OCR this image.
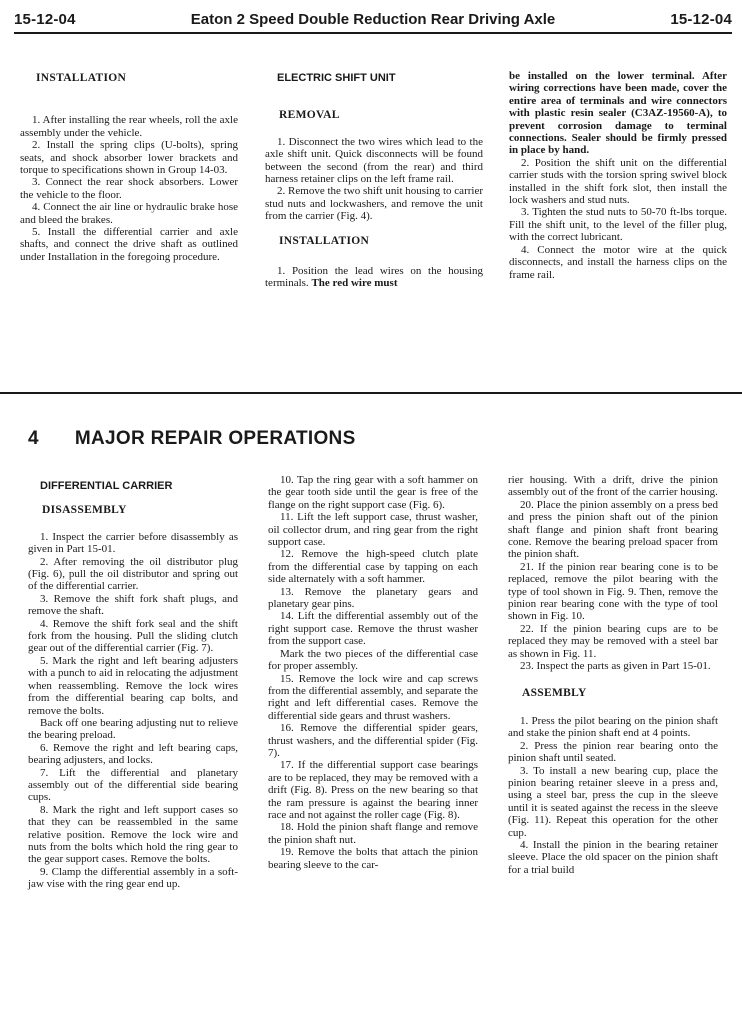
15-12-04	Eaton 2 Speed Double Reduction Rear Driving Axle	15-12-04

INSTALLATION

1. After installing the rear wheels, roll the axle assembly under the vehicle.

2. Install the spring clips (U-bolts), spring seats, and shock absorber lower brackets and torque to specifications shown in Group 14-03.

3. Connect the rear shock absorbers. Lower the vehicle to the floor.

4. Connect the air line or hydraulic brake hose and bleed the brakes.

5. Install the differential carrier and axle shafts, and connect the drive shaft as outlined under Installation in the foregoing procedure.

ELECTRIC SHIFT UNIT

REMOVAL

1. Disconnect the two wires which lead to the axle shift unit. Quick disconnects will be found between the second (from the rear) and third harness retainer clips on the left frame rail.

2. Remove the two shift unit housing to carrier stud nuts and lockwashers, and remove the unit from the carrier (Fig. 4).

INSTALLATION

1. Position the lead wires on the housing terminals. The red wire must

be installed on the lower terminal. After wiring corrections have been made, cover the entire area of terminals and wire connectors with plastic resin sealer (C3AZ-19560-A), to prevent corrosion damage to terminal connections. Sealer should be firmly pressed in place by hand.

2. Position the shift unit on the differential carrier studs with the torsion spring swivel block installed in the shift fork slot, then install the lock washers and stud nuts.

3. Tighten the stud nuts to 50-70 ft-lbs torque. Fill the shift unit, to the level of the filler plug, with the correct lubricant.

4. Connect the motor wire at the quick disconnects, and install the harness clips on the frame rail.

4 MAJOR REPAIR OPERATIONS

DIFFERENTIAL CARRIER

DISASSEMBLY

1. Inspect the carrier before disassembly as given in Part 15-01.

2. After removing the oil distributor plug (Fig. 6), pull the oil distributor and spring out of the differential carrier.

3. Remove the shift fork shaft plugs, and remove the shaft.

4. Remove the shift fork seal and the shift fork from the housing. Pull the sliding clutch gear out of the differential carrier (Fig. 7).

5. Mark the right and left bearing adjusters with a punch to aid in relocating the adjustment when reassembling. Remove the lock wires from the differential bearing cap bolts, and remove the bolts.

Back off one bearing adjusting nut to relieve the bearing preload.

6. Remove the right and left bearing caps, bearing adjusters, and locks.

7. Lift the differential and planetary assembly out of the differential side bearing cups.

8. Mark the right and left support cases so that they can be reassembled in the same relative position. Remove the lock wire and nuts from the bolts which hold the ring gear to the gear support cases. Remove the bolts.

9. Clamp the differential assembly in a soft-jaw vise with the ring gear end up.

10. Tap the ring gear with a soft hammer on the gear tooth side until the gear is free of the flange on the right support case (Fig. 6).

11. Lift the left support case, thrust washer, oil collector drum, and ring gear from the right support case.

12. Remove the high-speed clutch plate from the differential case by tapping on each side alternately with a soft hammer.

13. Remove the planetary gears and planetary gear pins.

14. Lift the differential assembly out of the right support case. Remove the thrust washer from the support case.

Mark the two pieces of the differential case for proper assembly.

15. Remove the lock wire and cap screws from the differential assembly, and separate the right and left differential cases. Remove the differential side gears and thrust washers.

16. Remove the differential spider gears, thrust washers, and the differential spider (Fig. 7).

17. If the differential support case bearings are to be replaced, they may be removed with a drift (Fig. 8). Press on the new bearing so that the ram pressure is against the bearing inner race and not against the roller cage (Fig. 8).

18. Hold the pinion shaft flange and remove the pinion shaft nut.

19. Remove the bolts that attach the pinion bearing sleeve to the car-

rier housing. With a drift, drive the pinion assembly out of the front of the carrier housing.

20. Place the pinion assembly on a press bed and press the pinion shaft out of the pinion shaft flange and pinion shaft front bearing cone. Remove the bearing preload spacer from the pinion shaft.

21. If the pinion rear bearing cone is to be replaced, remove the pilot bearing with the type of tool shown in Fig. 9. Then, remove the pinion rear bearing cone with the type of tool shown in Fig. 10.

22. If the pinion bearing cups are to be replaced they may be removed with a steel bar as shown in Fig. 11.

23. Inspect the parts as given in Part 15-01.

ASSEMBLY

1. Press the pilot bearing on the pinion shaft and stake the pinion shaft end at 4 points.

2. Press the pinion rear bearing onto the pinion shaft until seated.

3. To install a new bearing cup, place the pinion bearing retainer sleeve in a press and, using a steel bar, press the cup in the sleeve until it is seated against the recess in the sleeve (Fig. 11). Repeat this operation for the other cup.

4. Install the pinion in the bearing retainer sleeve. Place the old spacer on the pinion shaft for a trial build
